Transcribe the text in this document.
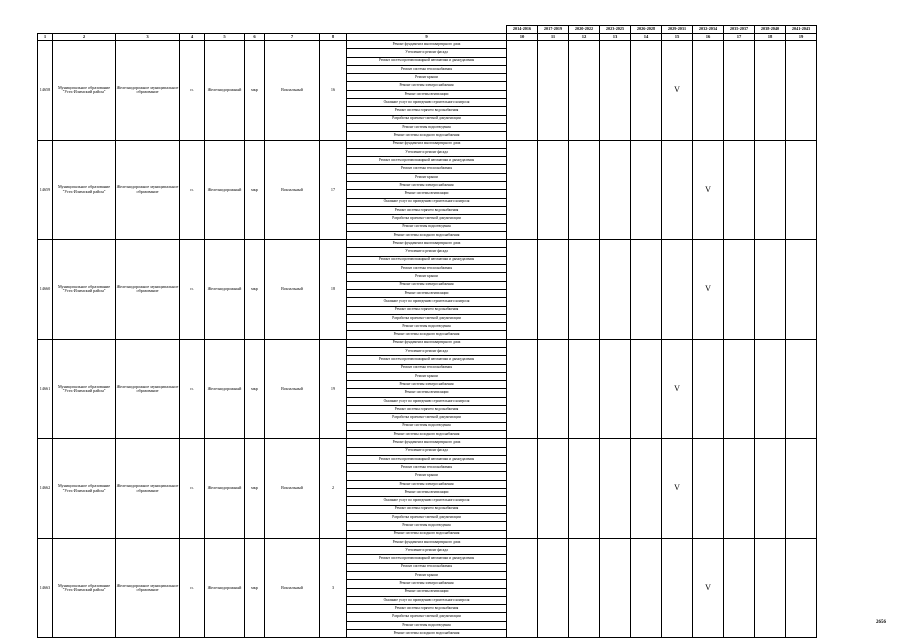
									2014-2016	2017-2019	2020-2022	2023-2025	2026-2028	2029-2031	2032-2034	2035-2037	2038-2040	2041-2043
1	2	3	4	5	6	7	8	9	10	11	12	13	14	15	16	17	18	19
14658	Муниципальное образование "Усть-Илимский район"	Железнодорожное муниципальное образование	п.	Железнодорожный	мкр	Вокзальный	16	Ремонт фундамента многоквартирного дома						V				
								Утепление и ремонт фасада										
								Ремонт систем противопожарной автоматики и дымоудаления										
								Ремонт системы теплоснабжения										
								Ремонт крыши										
								Ремонт системы электроснабжения										
								Ремонт системы вентиляции										
								Оказание услуг по проведению строительного контроля										
								Ремонт системы горячего водоснабжения										
								Разработка проектно-сметной документации										
								Ремонт системы водоотведения										
								Ремонт системы холодного водоснабжения										
14659	Муниципальное образование "Усть-Илимский район"	Железнодорожное муниципальное образование	п.	Железнодорожный	мкр	Вокзальный	17	Ремонт фундамента многоквартирного дома							V			
								Утепление и ремонт фасада										
								Ремонт систем противопожарной автоматики и дымоудаления										
								Ремонт системы теплоснабжения										
								Ремонт крыши										
								Ремонт системы электроснабжения										
								Ремонт системы вентиляции										
								Оказание услуг по проведению строительного контроля										
								Ремонт системы горячего водоснабжения										
								Разработка проектно-сметной документации										
								Ремонт системы водоотведения										
								Ремонт системы холодного водоснабжения										
14660	Муниципальное образование "Усть-Илимский район"	Железнодорожное муниципальное образование	п.	Железнодорожный	мкр	Вокзальный	18	Ремонт фундамента многоквартирного дома							V			
								Утепление и ремонт фасада										
								Ремонт систем противопожарной автоматики и дымоудаления										
								Ремонт системы теплоснабжения										
								Ремонт крыши										
								Ремонт системы электроснабжения										
								Ремонт системы вентиляции										
								Оказание услуг по проведению строительного контроля										
								Ремонт системы горячего водоснабжения										
								Разработка проектно-сметной документации										
								Ремонт системы водоотведения										
								Ремонт системы холодного водоснабжения										
14661	Муниципальное образование "Усть-Илимский район"	Железнодорожное муниципальное образование	п.	Железнодорожный	мкр	Вокзальный	19	Ремонт фундамента многоквартирного дома						V				
								Утепление и ремонт фасада										
								Ремонт систем противопожарной автоматики и дымоудаления										
								Ремонт системы теплоснабжения										
								Ремонт крыши										
								Ремонт системы электроснабжения										
								Ремонт системы вентиляции										
								Оказание услуг по проведению строительного контроля										
								Ремонт системы горячего водоснабжения										
								Разработка проектно-сметной документации										
								Ремонт системы водоотведения										
								Ремонт системы холодного водоснабжения										
14662	Муниципальное образование "Усть-Илимский район"	Железнодорожное муниципальное образование	п.	Железнодорожный	мкр	Вокзальный	2	Ремонт фундамента многоквартирного дома						V				
								Утепление и ремонт фасада										
								Ремонт систем противопожарной автоматики и дымоудаления										
								Ремонт системы теплоснабжения										
								Ремонт крыши										
								Ремонт системы электроснабжения										
								Ремонт системы вентиляции										
								Оказание услуг по проведению строительного контроля										
								Ремонт системы горячего водоснабжения										
								Разработка проектно-сметной документации										
								Ремонт системы водоотведения										
								Ремонт системы холодного водоснабжения										
14663	Муниципальное образование "Усть-Илимский район"	Железнодорожное муниципальное образование	п.	Железнодорожный	мкр	Вокзальный	3	Ремонт фундамента многоквартирного дома							V			
								Утепление и ремонт фасада										
								Ремонт систем противопожарной автоматики и дымоудаления										
								Ремонт системы теплоснабжения										
								Ремонт крыши										
								Ремонт системы электроснабжения										
								Ремонт системы вентиляции										
								Оказание услуг по проведению строительного контроля										
								Ремонт системы горячего водоснабжения										
								Разработка проектно-сметной документации										
								Ремонт системы водоотведения										
								Ремонт системы холодного водоснабжения										
2656
